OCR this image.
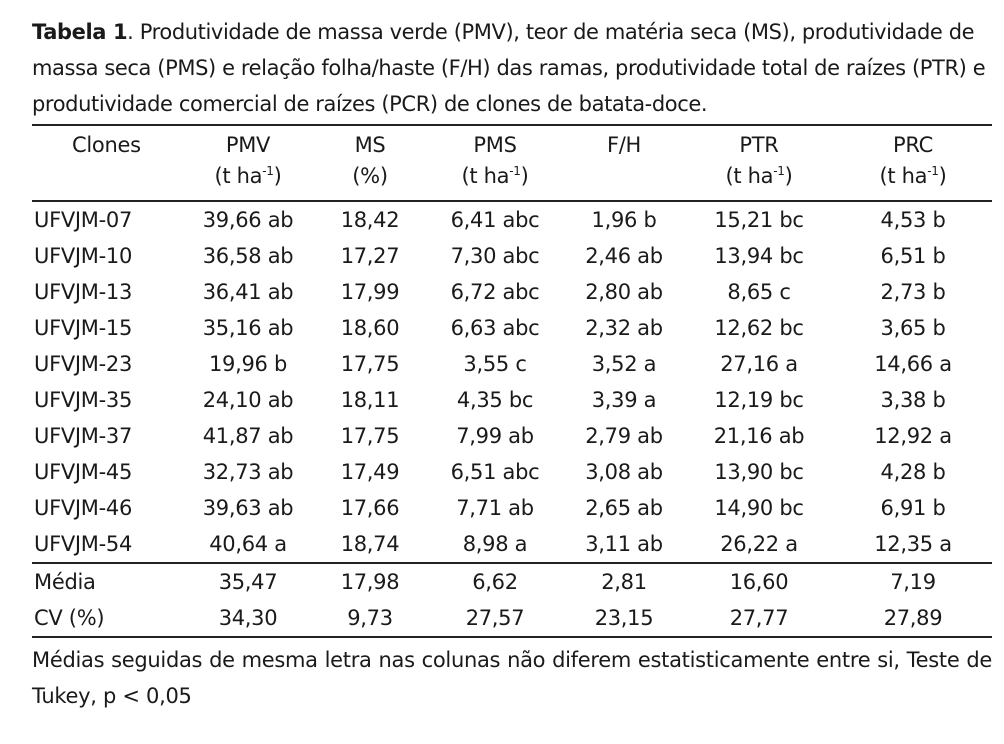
Tabela 1. Produtividade de massa verde (PMV), teor de matéria seca (MS), produtividade de massa seca (PMS) e relação folha/haste (F/H) das ramas, produtividade total de raízes (PTR) e produtividade comercial de raízes (PCR) de clones de batata-doce.

Clones	PMV	MS	PMS	F/H	PTR	PRC
	(t $ha^{-1}$)	(%)	(t $ha^{-1}$)		(t $ha^{-1}$)	(t $ha^{-1}$)
UFVJM-07	39,66 ab	18,42	6,41 abc	1,96 b	15,21 bc	4,53 b
UFVJM-10	36,58 ab	17,27	7,30 abc	2,46 ab	13,94 bc	6,51 b
UFVJM-13	36,41 ab	17,99	6,72 abc	2,80 ab	8,65 c	2,73 b
UFVJM-15	35,16 ab	18,60	6,63 abc	2,32 ab	12,62 bc	3,65 b
UFVJM-23	19,96 b	17,75	3,55 c	3,52 a	27,16 a	14,66 a
UFVJM-35	24,10 ab	18,11	4,35 bc	3,39 a	12,19 bc	3,38 b
UFVJM-37	41,87 ab	17,75	7,99 ab	2,79 ab	21,16 ab	12,92 a
UFVJM-45	32,73 ab	17,49	6,51 abc	3,08 ab	13,90 bc	4,28 b
UFVJM-46	39,63 ab	17,66	7,71 ab	2,65 ab	14,90 bc	6,91 b
UFVJM-54	40,64 a	18,74	8,98 a	3,11 ab	26,22 a	12,35 a
Média	35,47	17,98	6,62	2,81	16,60	7,19
CV (%)	34,30	9,73	27,57	23,15	27,77	27,89

Médias seguidas de mesma letra nas colunas não diferem estatisticamente entre si, Teste de Tukey, p < 0,05
